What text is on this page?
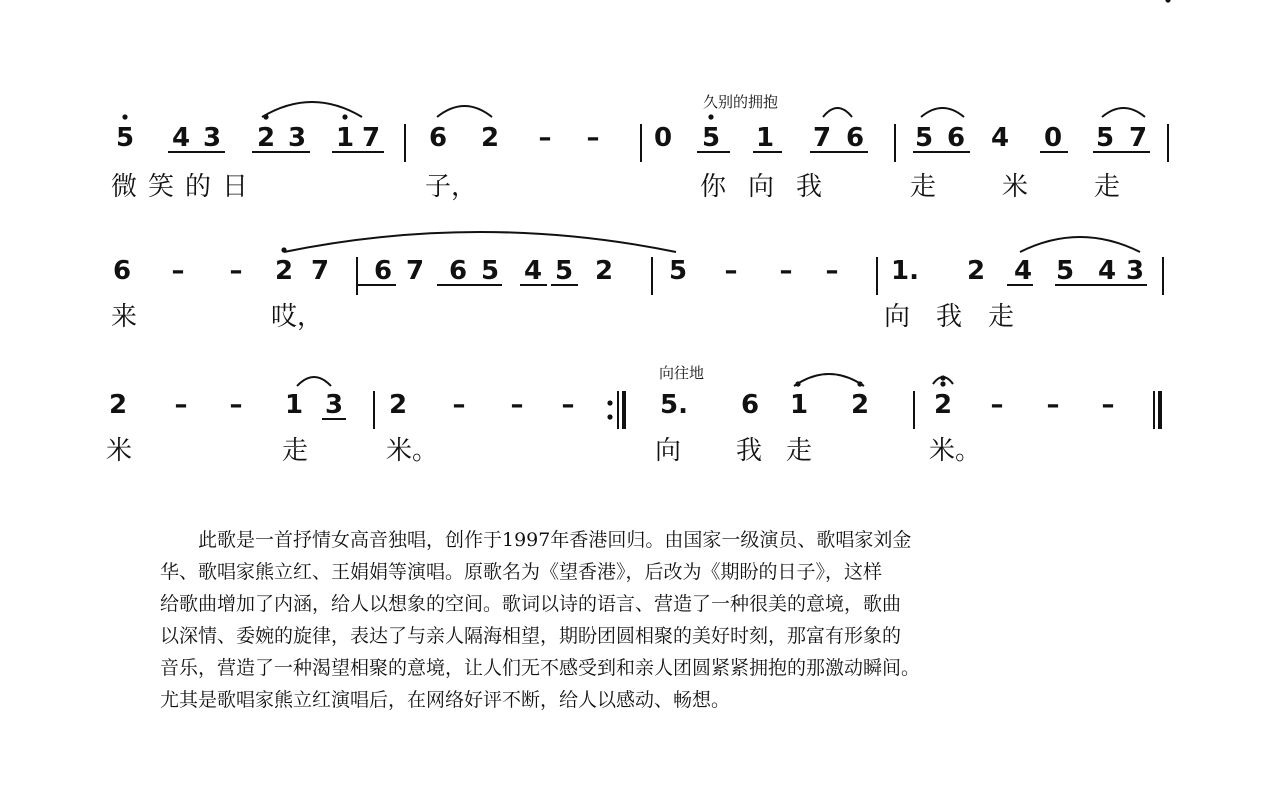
5 4 3 2 3 1 7 6 2 – – 0 5 1 7 6 5 6 4 0 5 7
6 – – 2 7 6 7 6 5 4 5 2 5 – – – 1. 2 4 5 4 3
2 – – 1 3 2 – – –	5. 6 1 2 2 – – –
久别的拥抱
向往地
微笑的日	子，	你向我	走米走
来	哎，	向我走
米	走	米。	向 我 走	米。

此歌是一首抒情女高音独唱，创作于1997年香港回归。由国家一级演员、歌唱家刘金

华、歌唱家熊立红、王娟娟等演唱。原歌名为《望香港》，后改为《期盼的日子》，这样

给歌曲增加了内涵，给人以想象的空间。歌词以诗的语言、营造了一种很美的意境，歌曲

以深情、委婉的旋律，表达了与亲人隔海相望，期盼团圆相聚的美好时刻，那富有形象的

音乐，营造了一种渴望相聚的意境，让人们无不感受到和亲人团圆紧紧拥抱的那激动瞬间。

尤其是歌唱家熊立红演唱后，在网络好评不断，给人以感动、畅想。
